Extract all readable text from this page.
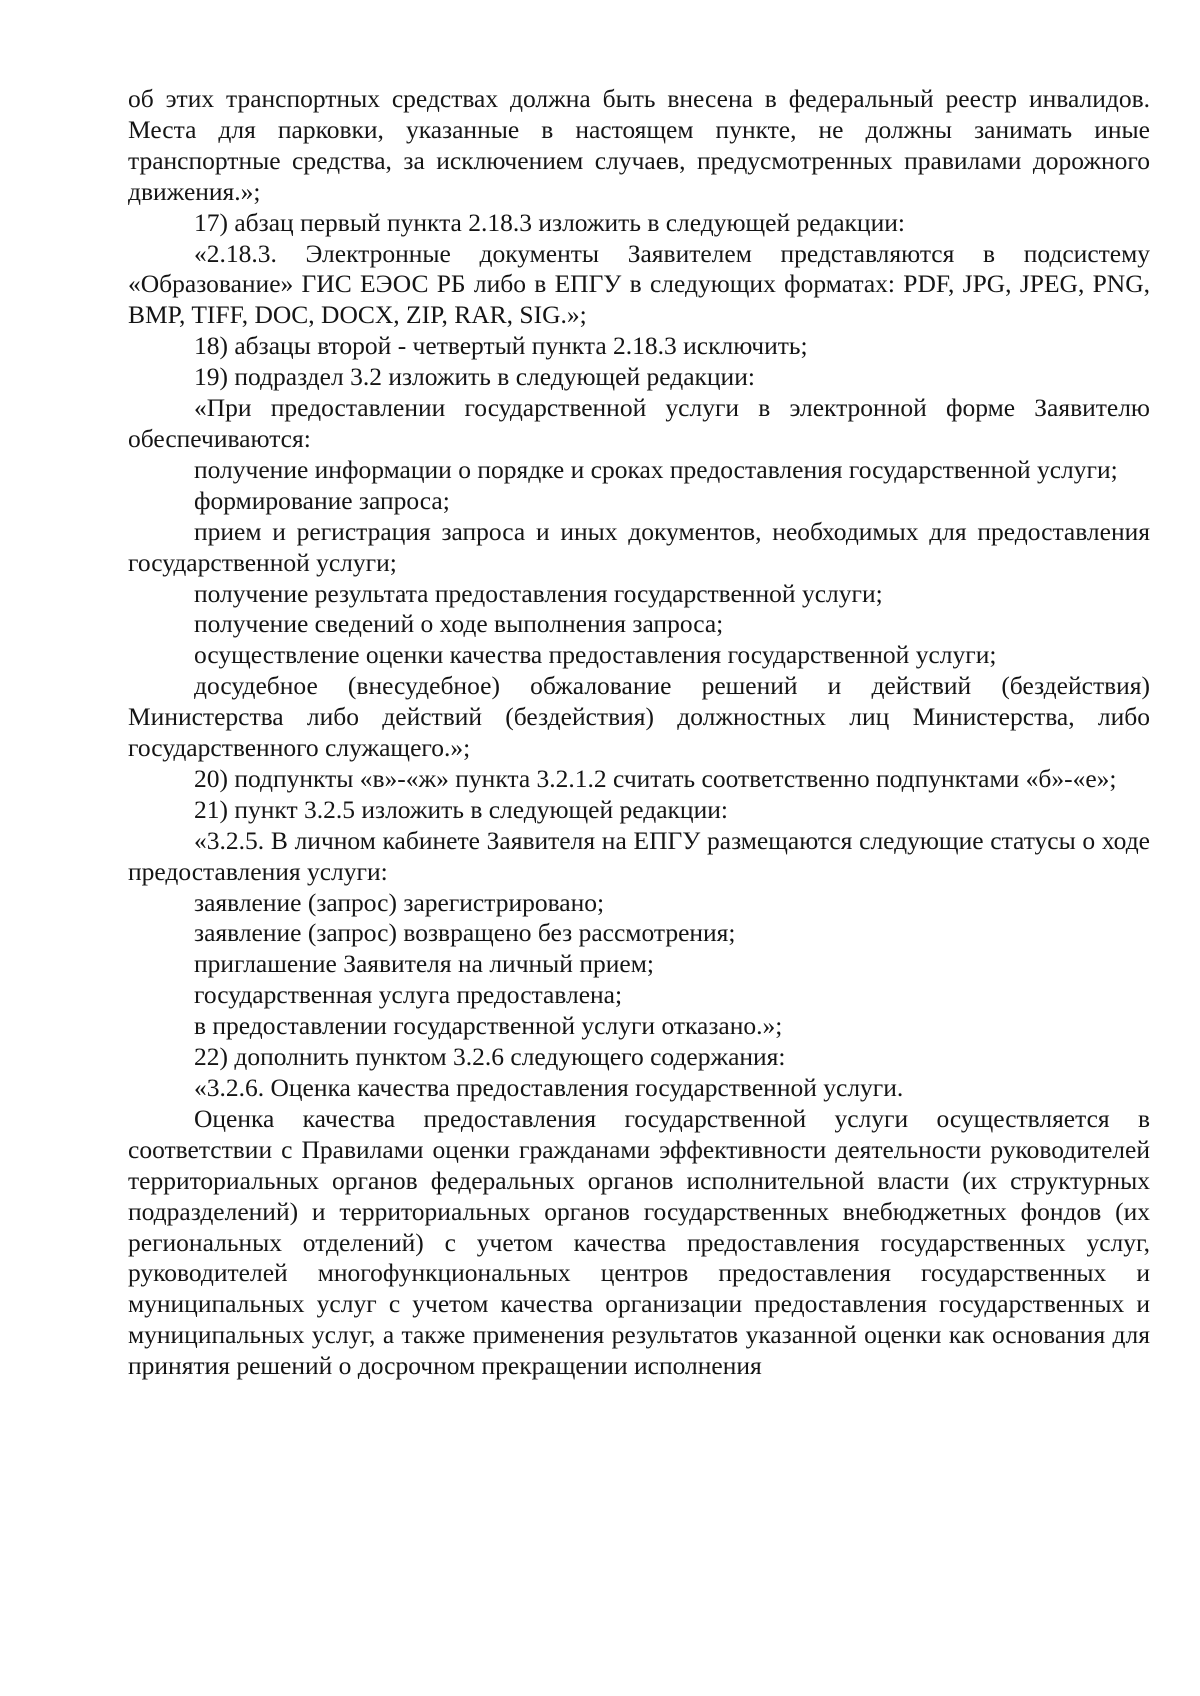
об этих транспортных средствах должна быть внесена в федеральный реестр инвалидов. Места для парковки, указанные в настоящем пункте, не должны занимать иные транспортные средства, за исключением случаев, предусмотренных правилами дорожного движения.»;

17) абзац первый пункта 2.18.3 изложить в следующей редакции:

«2.18.3. Электронные документы Заявителем представляются в подсистему «Образование» ГИС ЕЭОС РБ либо в ЕПГУ в следующих форматах: PDF, JPG, JPEG, PNG, BMP, TIFF, DOC, DOCX, ZIP, RAR, SIG.»;

18) абзацы второй - четвертый пункта 2.18.3 исключить;

19) подраздел 3.2 изложить в следующей редакции:

«При предоставлении государственной услуги в электронной форме Заявителю обеспечиваются:

получение информации о порядке и сроках предоставления государственной услуги;

формирование запроса;

прием и регистрация запроса и иных документов, необходимых для предоставления государственной услуги;

получение результата предоставления государственной услуги;

получение сведений о ходе выполнения запроса;

осуществление оценки качества предоставления государственной услуги;

досудебное (внесудебное) обжалование решений и действий (бездействия) Министерства либо действий (бездействия) должностных лиц Министерства, либо государственного служащего.»;

20) подпункты «в»-«ж» пункта 3.2.1.2 считать соответственно подпунктами «б»-«е»;

21) пункт 3.2.5 изложить в следующей редакции:

«3.2.5. В личном кабинете Заявителя на ЕПГУ размещаются следующие статусы о ходе предоставления услуги:

заявление (запрос) зарегистрировано;

заявление (запрос) возвращено без рассмотрения;

приглашение Заявителя на личный прием;

государственная услуга предоставлена;

в предоставлении государственной услуги отказано.»;

22) дополнить пунктом 3.2.6 следующего содержания:

«3.2.6. Оценка качества предоставления государственной услуги.

Оценка качества предоставления государственной услуги осуществляется в соответствии с Правилами оценки гражданами эффективности деятельности руководителей территориальных органов федеральных органов исполнительной власти (их структурных подразделений) и территориальных органов государственных внебюджетных фондов (их региональных отделений) с учетом качества предоставления государственных услуг, руководителей многофункциональных центров предоставления государственных и муниципальных услуг с учетом качества организации предоставления государственных и муниципальных услуг, а также применения результатов указанной оценки как основания для принятия решений о досрочном прекращении исполнения
